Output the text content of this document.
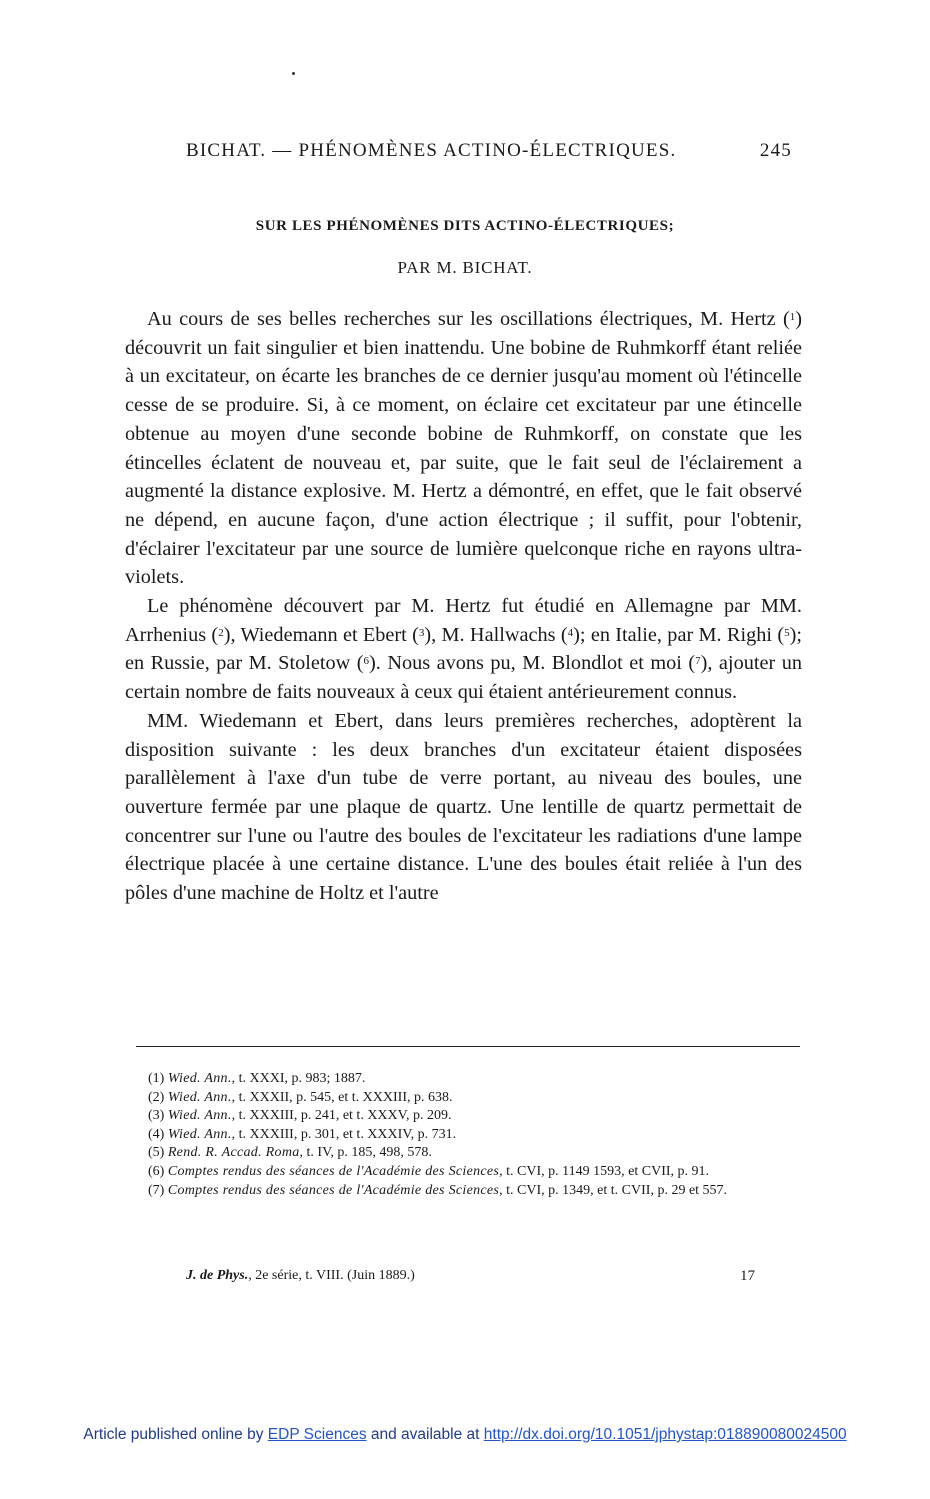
BICHAT. — PHÉNOMÈNES ACTINO-ÉLECTRIQUES.	245
SUR LES PHÉNOMÈNES DITS ACTINO-ÉLECTRIQUES;
PAR M. BICHAT.

Au cours de ses belles recherches sur les oscillations électriques, M. Hertz ($^1$) découvrit un fait singulier et bien inattendu. Une bobine de Ruhmkorff étant reliée à un excitateur, on écarte les branches de ce dernier jusqu'au moment où l'étincelle cesse de se produire. Si, à ce moment, on éclaire cet excitateur par une étincelle obtenue au moyen d'une seconde bobine de Ruhmkorff, on constate que les étincelles éclatent de nouveau et, par suite, que le fait seul de l'éclairement a augmenté la distance explosive. M. Hertz a démontré, en effet, que le fait observé ne dépend, en aucune façon, d'une action électrique ; il suffit, pour l'obtenir, d'éclairer l'excitateur par une source de lumière quelconque riche en rayons ultra-violets.

Le phénomène découvert par M. Hertz fut étudié en Allemagne par MM. Arrhenius ($^2$), Wiedemann et Ebert ($^3$), M. Hallwachs ($^4$); en Italie, par M. Righi ($^5$); en Russie, par M. Stoletow ($^6$). Nous avons pu, M. Blondlot et moi ($^7$), ajouter un certain nombre de faits nouveaux à ceux qui étaient antérieurement connus.

MM. Wiedemann et Ebert, dans leurs premières recherches, adoptèrent la disposition suivante : les deux branches d'un excitateur étaient disposées parallèlement à l'axe d'un tube de verre portant, au niveau des boules, une ouverture fermée par une plaque de quartz. Une lentille de quartz permettait de concentrer sur l'une ou l'autre des boules de l'excitateur les radiations d'une lampe électrique placée à une certaine distance. L'une des boules était reliée à l'un des pôles d'une machine de Holtz et l'autre

(1) Wied. Ann., t. XXXI, p. 983; 1887.
(2) Wied. Ann., t. XXXII, p. 545, et t. XXXIII, p. 638.
(3) Wied. Ann., t. XXXIII, p. 241, et t. XXXV, p. 209.
(4) Wied. Ann., t. XXXIII, p. 301, et t. XXXIV, p. 731.
(5) Rend. R. Accad. Roma, t. IV, p. 185, 498, 578.
(6) Comptes rendus des séances de l'Académie des Sciences, t. CVI, p. 1149 1593, et CVII, p. 91.
(7) Comptes rendus des séances de l'Académie des Sciences, t. CVI, p. 1349, et t. CVII, p. 29 et 557.
J. de Phys., 2e série, t. VIII. (Juin 1889.)	17
Article published online by EDP Sciences and available at http://dx.doi.org/10.1051/jphystap:018890080024500
